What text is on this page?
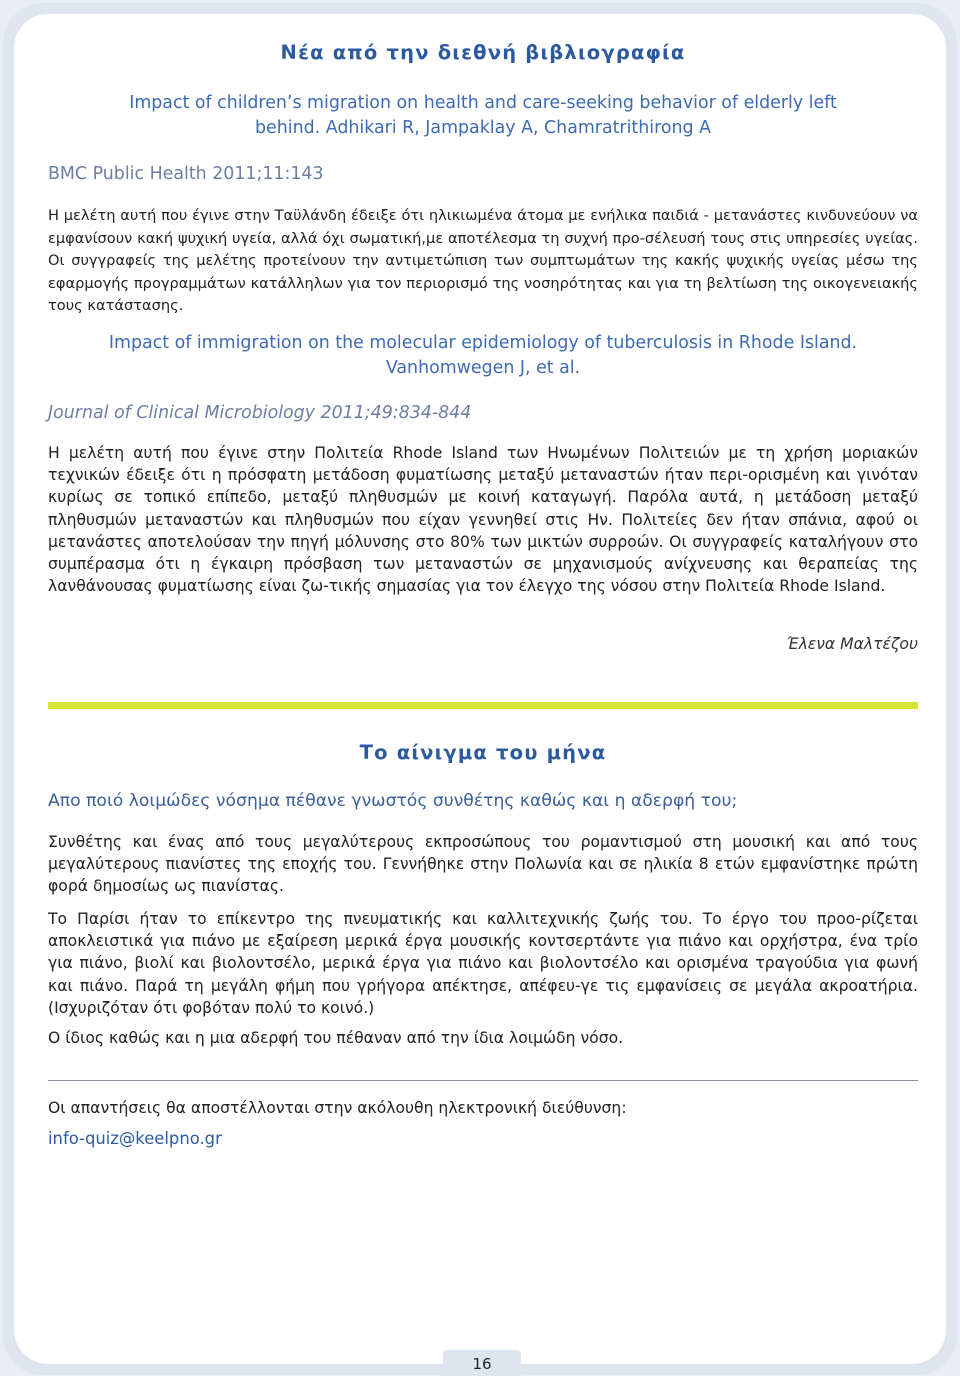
Νέα από την διεθνή βιβλιογραφία
Impact of children’s migration on health and care-seeking behavior of elderly left
behind. Adhikari R, Jampaklay A, Chamratrithirong A
BMC Public Health 2011;11:143

Η μελέτη αυτή που έγινε στην Ταϋλάνδη έδειξε ότι ηλικιωμένα άτομα με ενήλικα παιδιά - μετανάστες κινδυνεύουν να εμφανίσουν κακή ψυχική υγεία, αλλά όχι σωματική,με αποτέλεσμα τη συχνή προ-σέλευσή τους στις υπηρεσίες υγείας. Οι συγγραφείς της μελέτης προτείνουν την αντιμετώπιση των συμπτωμάτων της κακής ψυχικής υγείας μέσω της εφαρμογής προγραμμάτων κατάλληλων για τον περιορισμό της νοσηρότητας και για τη βελτίωση της οικογενειακής τους κατάστασης.

Impact of immigration on the molecular epidemiology of tuberculosis in Rhode Island.
Vanhomwegen J, et al.
Journal of Clinical Microbiology 2011;49:834-844

Η μελέτη αυτή που έγινε στην Πολιτεία Rhode Island των Ηνωμένων Πολιτειών με τη χρήση μοριακών τεχνικών έδειξε ότι η πρόσφατη μετάδοση φυματίωσης μεταξύ μεταναστών ήταν περι-ορισμένη και γινόταν κυρίως σε τοπικό επίπεδο, μεταξύ πληθυσμών με κοινή καταγωγή. Παρόλα αυτά, η μετάδοση μεταξύ πληθυσμών μεταναστών και πληθυσμών που είχαν γεννηθεί στις Ην. Πολιτείες δεν ήταν σπάνια, αφού οι μετανάστες αποτελούσαν την πηγή μόλυνσης στο 80% των μικτών συρροών. Οι συγγραφείς καταλήγουν στο συμπέρασμα ότι η έγκαιρη πρόσβαση των μεταναστών σε μηχανισμούς ανίχνευσης και θεραπείας της λανθάνουσας φυματίωσης είναι ζω-τικής σημασίας για τον έλεγχο της νόσου στην Πολιτεία Rhode Island.

Έλενα Μαλτέζου
Το αίνιγμα του μήνα
Απο ποιό λοιμώδες νόσημα πέθανε γνωστός συνθέτης καθώς και η αδερφή του;

Συνθέτης και ένας από τους μεγαλύτερους εκπροσώπους του ρομαντισμού στη μουσική και από τους μεγαλύτερους πιανίστες της εποχής του. Γεννήθηκε στην Πολωνία και σε ηλικία 8 ετών εμφανίστηκε πρώτη φορά δημοσίως ως πιανίστας.

Το Παρίσι ήταν το επίκεντρο της πνευματικής και καλλιτεχνικής ζωής του. Το έργο του προο-ρίζεται αποκλειστικά για πιάνο με εξαίρεση μερικά έργα μουσικής κοντσερτάντε για πιάνο και ορχήστρα, ένα τρίο για πιάνο, βιολί και βιολοντσέλο, μερικά έργα για πιάνο και βιολοντσέλο και ορισμένα τραγούδια για φωνή και πιάνο. Παρά τη μεγάλη φήμη που γρήγορα απέκτησε, απέφευ-γε τις εμφανίσεις σε μεγάλα ακροατήρια. (Ισχυριζόταν ότι φοβόταν πολύ το κοινό.)

Ο ίδιος καθώς και η μια αδερφή του πέθαναν από την ίδια λοιμώδη νόσο.

Οι απαντήσεις θα αποστέλλονται στην ακόλουθη ηλεκτρονική διεύθυνση:
info-quiz@keelpno.gr
16
